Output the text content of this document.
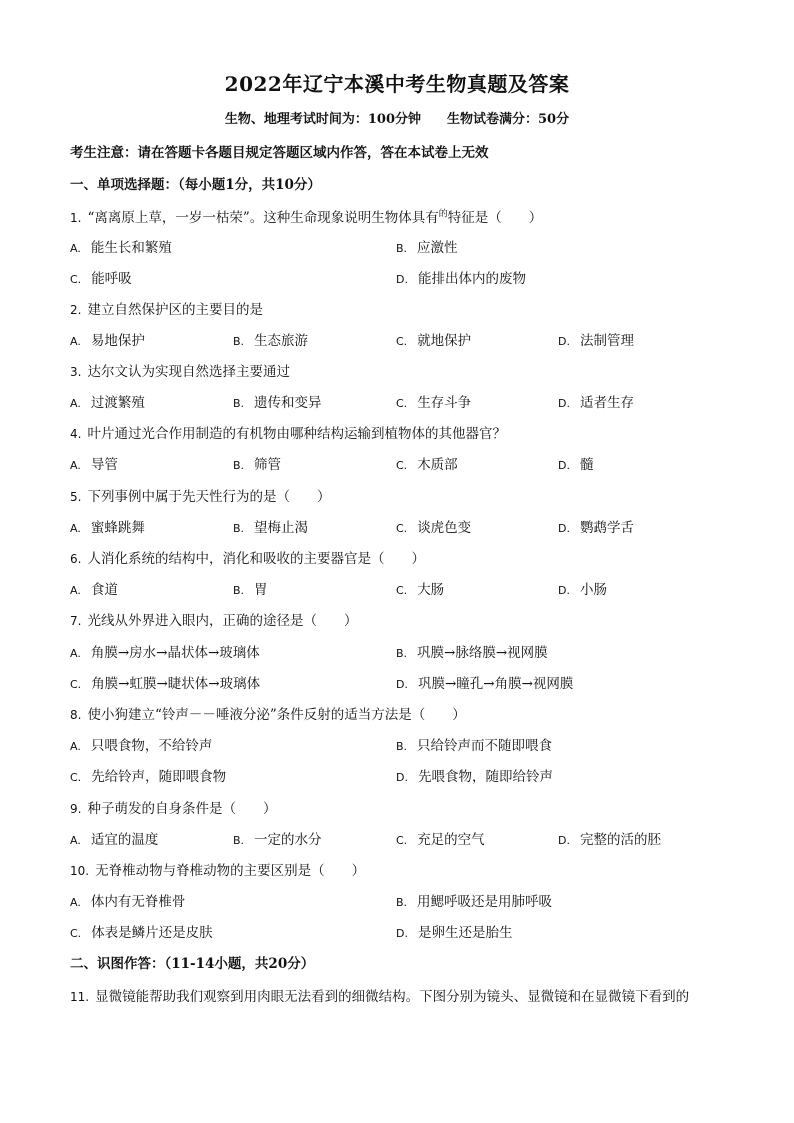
2022年辽宁本溪中考生物真题及答案
生物、地理考试时间为：100分钟 生物试卷满分：50分
考生注意：请在答题卡各题目规定答题区域内作答，答在本试卷上无效
一、单项选择题：（每小题1分，共10分）
1. “离离原上草，一岁一枯荣”。这种生命现象说明生物体具有$^的$特征是（　　）
A. 能生长和繁殖	B. 应激性
C. 能呼吸	D. 能排出体内的废物
2. 建立自然保护区的主要目的是
A. 易地保护	B. 生态旅游	C. 就地保护	D. 法制管理
3. 达尔文认为实现自然选择主要通过
A. 过渡繁殖	B. 遗传和变异	C. 生存斗争	D. 适者生存
4. 叶片通过光合作用制造的有机物由哪种结构运输到植物体的其他器官？
A. 导管	B. 筛管	C. 木质部	D. 髓
5. 下列事例中属于先天性行为的是（　　）
A. 蜜蜂跳舞	B. 望梅止渴	C. 谈虎色变	D. 鹦鹉学舌
6. 人消化系统的结构中，消化和吸收的主要器官是（　　）
A. 食道	B. 胃	C. 大肠	D. 小肠
7. 光线从外界进入眼内，正确的途径是（　　）
A. 角膜→房水→晶状体→玻璃体	B. 巩膜→脉络膜→视网膜
C. 角膜→虹膜→睫状体→玻璃体	D. 巩膜→瞳孔→角膜→视网膜
8. 使小狗建立“铃声－－唾液分泌”条件反射的适当方法是（　　）
A. 只喂食物，不给铃声	B. 只给铃声而不随即喂食
C. 先给铃声，随即喂食物	D. 先喂食物，随即给铃声
9. 种子萌发的自身条件是（　　）
A. 适宜的温度	B. 一定的水分	C. 充足的空气	D. 完整的活的胚
10. 无脊椎动物与脊椎动物的主要区别是（　　）
A. 体内有无脊椎骨	B. 用鳃呼吸还是用肺呼吸
C. 体表是鳞片还是皮肤	D. 是卵生还是胎生
二、识图作答：（11-14小题，共20分）
11. 显微镜能帮助我们观察到用肉眼无法看到的细微结构。下图分别为镜头、显微镜和在显微镜下看到的
